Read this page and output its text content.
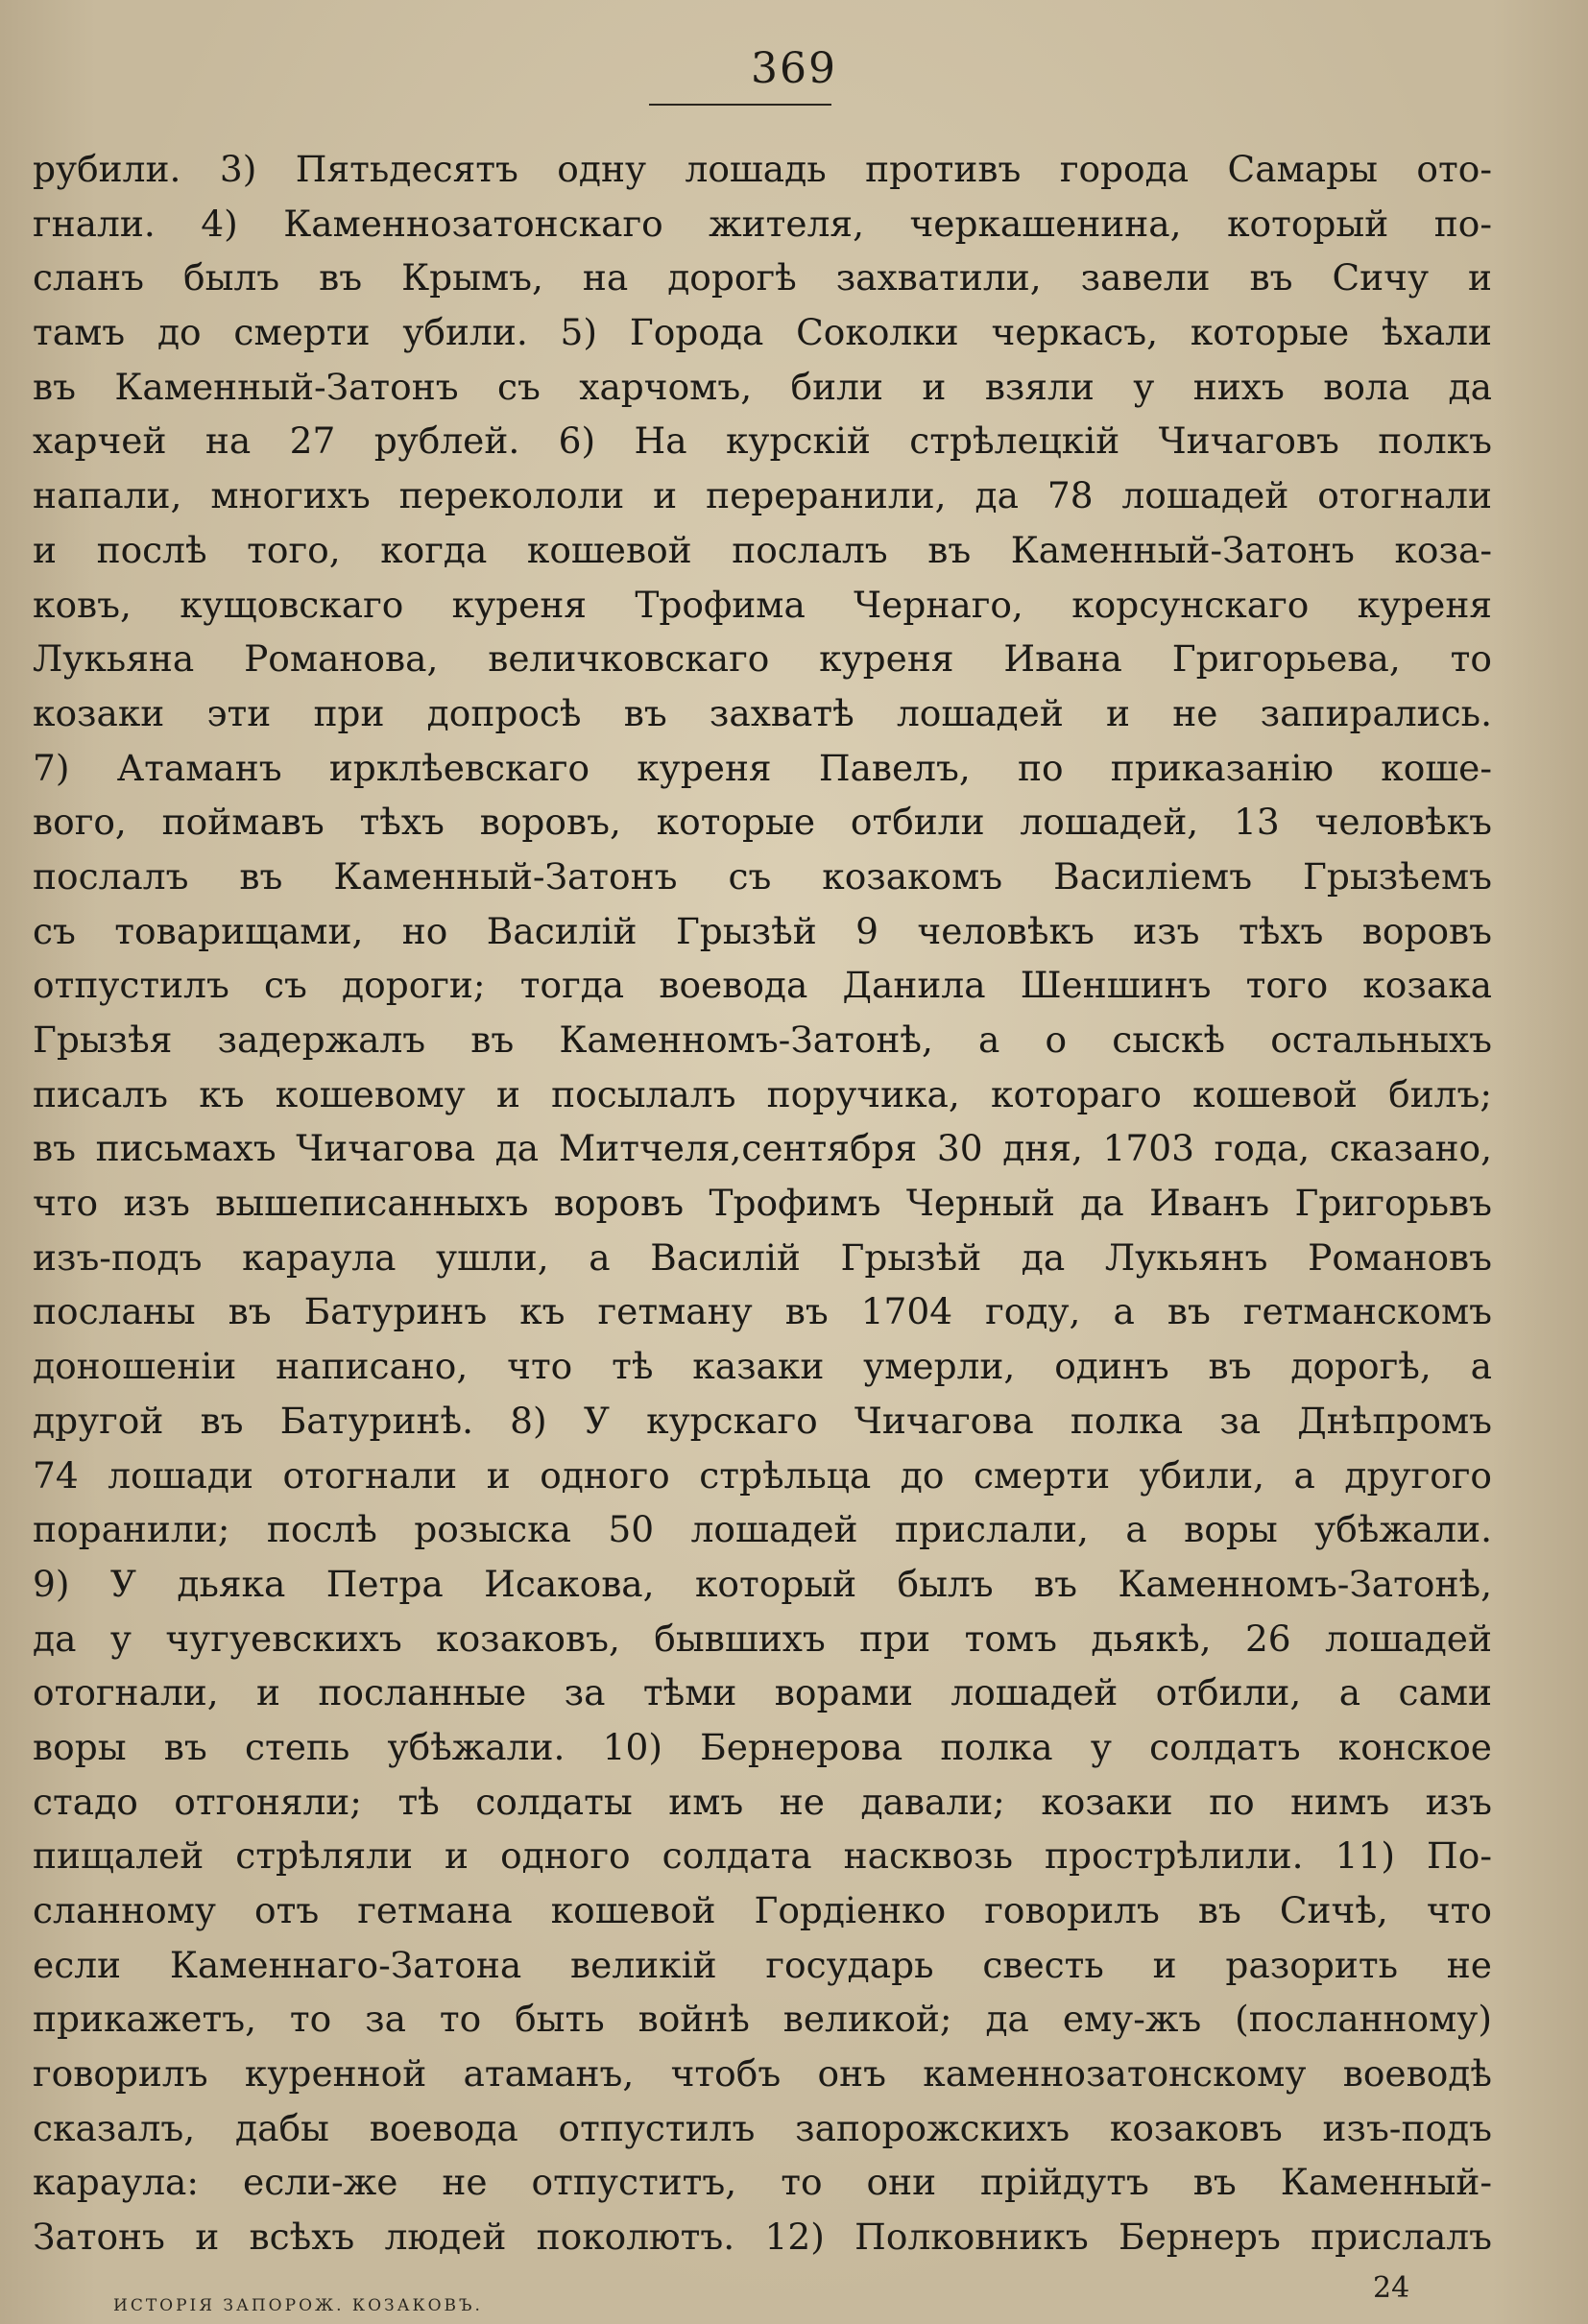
369
рубили. 3) Пятьдесятъ одну лошадь противъ города Самары ото-
гнали. 4) Каменнозатонскаго жителя, черкашенина, который по-
сланъ былъ въ Крымъ, на дорогѣ захватили, завели въ Сичу и
тамъ до смерти убили. 5) Города Соколки черкасъ, которые ѣхали
въ Каменный-Затонъ съ харчомъ, били и взяли у нихъ вола да
харчей на 27 рублей. 6) На курскій стрѣлецкій Чичаговъ полкъ
напали, многихъ перекололи и переранили, да 78 лошадей отогнали
и послѣ того, когда кошевой послалъ въ Каменный-Затонъ коза-
ковъ, кущовскаго куреня Трофима Чернаго, корсунскаго куреня
Лукьяна Романова, величковскаго куреня Ивана Григорьева, то
козаки эти при допросѣ въ захватѣ лошадей и не запирались.
7) Атаманъ ирклѣевскаго куреня Павелъ, по приказанію коше-
вого, поймавъ тѣхъ воровъ, которые отбили лошадей, 13 человѣкъ
послалъ въ Каменный-Затонъ съ козакомъ Василіемъ Грызѣемъ
съ товарищами, но Василій Грызѣй 9 человѣкъ изъ тѣхъ воровъ
отпустилъ съ дороги; тогда воевода Данила Шеншинъ того козака
Грызѣя задержалъ въ Каменномъ-Затонѣ, а о сыскѣ остальныхъ
писалъ къ кошевому и посылалъ поручика, котораго кошевой билъ;
въ письмахъ Чичагова да Митчеля,сентября 30 дня, 1703 года, сказано,
что изъ вышеписанныхъ воровъ Трофимъ Черный да Иванъ Григорьвъ
изъ-подъ караула ушли, а Василій Грызѣй да Лукьянъ Романовъ
посланы въ Батуринъ къ гетману въ 1704 году, а въ гетманскомъ
доношеніи написано, что тѣ казаки умерли, одинъ въ дорогѣ, а
другой въ Батуринѣ. 8) У курскаго Чичагова полка за Днѣпромъ
74 лошади отогнали и одного стрѣльца до смерти убили, а другого
поранили; послѣ розыска 50 лошадей прислали, а воры убѣжали.
9) У дьяка Петра Исакова, который былъ въ Каменномъ-Затонѣ,
да у чугуевскихъ козаковъ, бывшихъ при томъ дьякѣ, 26 лошадей
отогнали, и посланные за тѣми ворами лошадей отбили, а сами
воры въ степь убѣжали. 10) Бернерова полка у солдатъ конское
стадо отгоняли; тѣ солдаты имъ не давали; козаки по нимъ изъ
пищалей стрѣляли и одного солдата насквозь прострѣлили. 11) По-
сланному отъ гетмана кошевой Гордіенко говорилъ въ Сичѣ, что
если Каменнаго-Затона великій государь свесть и разорить не
прикажетъ, то за то быть войнѣ великой; да ему-жъ (посланному)
говорилъ куренной атаманъ, чтобъ онъ каменнозатонскому воеводѣ
сказалъ, дабы воевода отпустилъ запорожскихъ козаковъ изъ-подъ
караула: если-же не отпуститъ, то они прійдутъ въ Каменный-
Затонъ и всѣхъ людей поколютъ. 12) Полковникъ Бернеръ прислалъ
ИСТОРІЯ ЗАПОРОЖ. КОЗАКОВЪ.
24
